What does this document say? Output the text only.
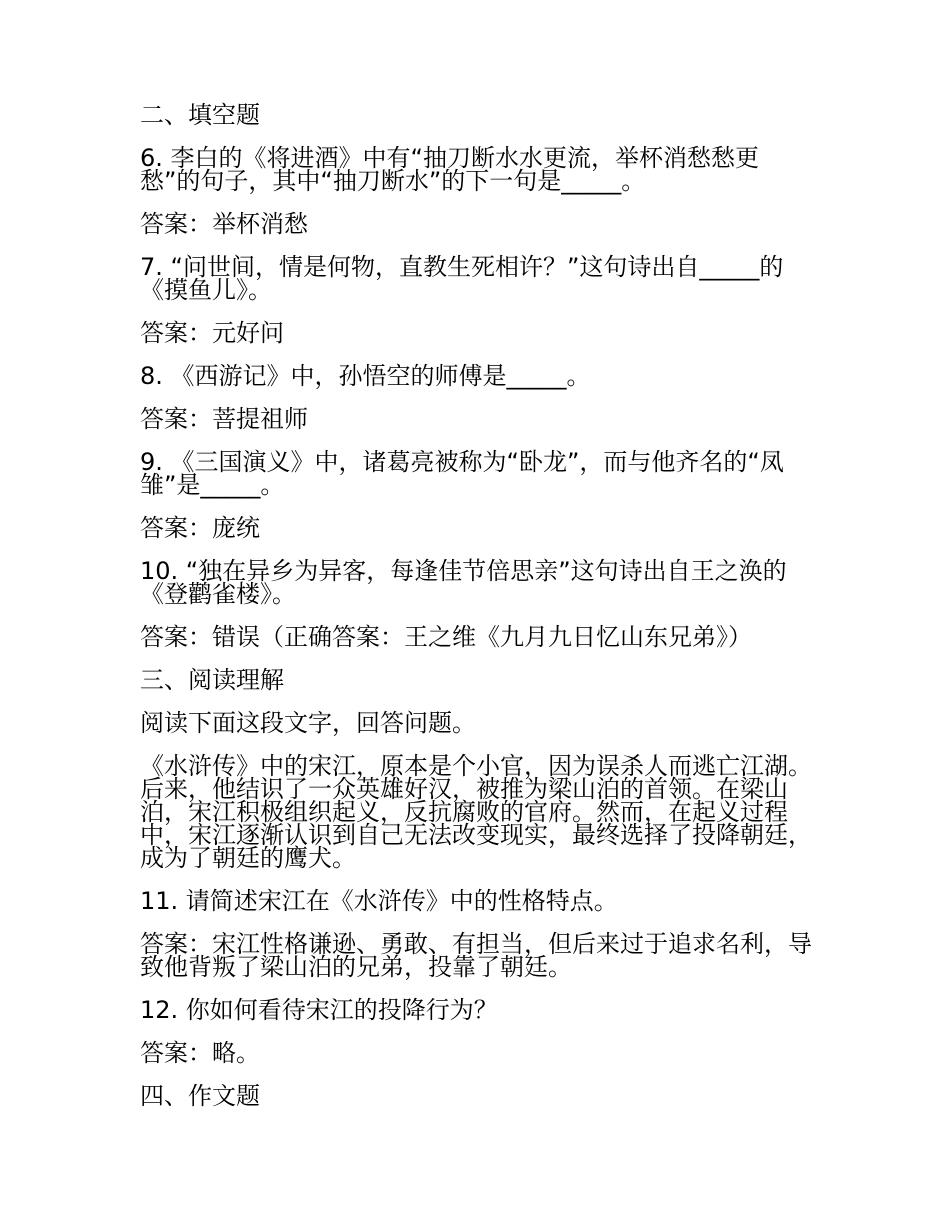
二、填空题

6. 李白的《将进酒》中有“抽刀断水水更流，举杯消愁愁更愁”的句子，其中“抽刀断水”的下一句是_____。

答案：举杯消愁

7. “问世间，情是何物，直教生死相许？”这句诗出自_____的《摸鱼儿》。

答案：元好问

8. 《西游记》中，孙悟空的师傅是_____。

答案：菩提祖师

9. 《三国演义》中，诸葛亮被称为“卧龙”，而与他齐名的“凤雏”是_____。

答案：庞统

10. “独在异乡为异客，每逢佳节倍思亲”这句诗出自王之涣的《登鹳雀楼》。

答案：错误（正确答案：王之维《九月九日忆山东兄弟》）

三、阅读理解

阅读下面这段文字，回答问题。

《水浒传》中的宋江，原本是个小官，因为误杀人而逃亡江湖。后来，他结识了一众英雄好汉，被推为梁山泊的首领。在梁山泊，宋江积极组织起义，反抗腐败的官府。然而，在起义过程中，宋江逐渐认识到自己无法改变现实，最终选择了投降朝廷，成为了朝廷的鹰犬。

11. 请简述宋江在《水浒传》中的性格特点。

答案：宋江性格谦逊、勇敢、有担当，但后来过于追求名利，导致他背叛了梁山泊的兄弟，投靠了朝廷。

12. 你如何看待宋江的投降行为？

答案：略。

四、作文题
